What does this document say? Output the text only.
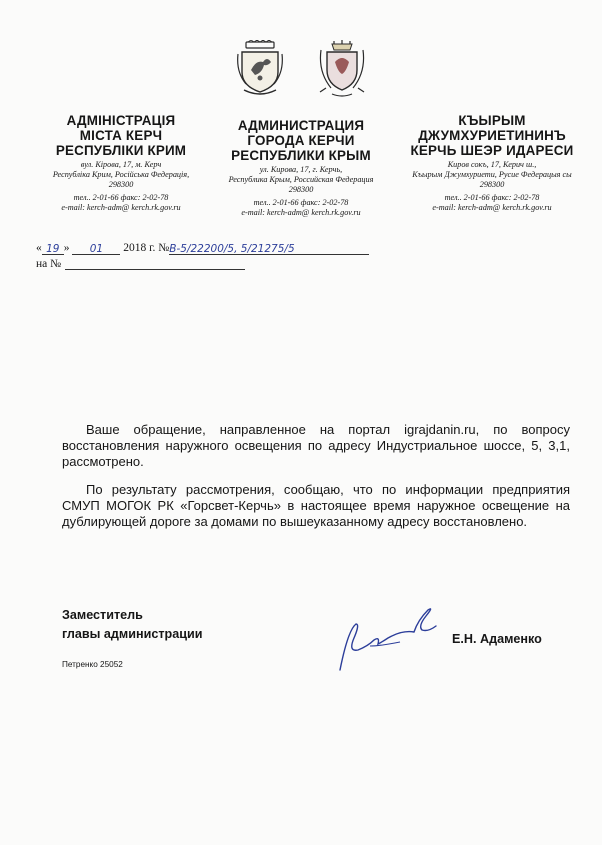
АДМІНІСТРАЦІЯ
МІСТА КЕРЧ
РЕСПУБЛІКИ КРИМ
вул. Кірова, 17, м. Керч
Республіка Крим, Російська Федерація,
298300
тел.. 2-01-66 факс: 2-02-78
e-mail: kerch-adm@ kerch.rk.gov.ru
АДМИНИСТРАЦИЯ
ГОРОДА КЕРЧИ
РЕСПУБЛИКИ КРЫМ
ул. Кирова, 17, г. Керчь,
Республика Крым, Российская Федерация
298300
тел.. 2-01-66 факс: 2-02-78
e-mail: kerch-adm@ kerch.rk.gov.ru
КЪЫРЫМ
ДЖУМХУРИЕТИНИНЪ
КЕРЧЬ ШЕЭР ИДАРЕСИ
Киров сокъ, 17, Керич ш.,
Къырым Джумхуриети, Русие Федерацыя сы
298300
тел.. 2-01-66 факс: 2-02-78
e-mail: kerch-adm@ kerch.rk.gov.ru
« 19 » 01 2018 г. №В-5/22200/5, 5/21275/5
на №

Ваше обращение, направленное на портал igrajdanin.ru, по вопросу восстановления наружного освещения по адресу Индустриальное шоссе, 5, 3,1, рассмотрено.

По результату рассмотрения, сообщаю, что по информации предприятия СМУП МОГОК РК «Горсвет-Керчь» в настоящее время наружное освещение на дублирующей дороге за домами по вышеуказанному адресу восстановлено.

Заместитель
главы администрации	Е.Н. Адаменко
Петренко 25052
